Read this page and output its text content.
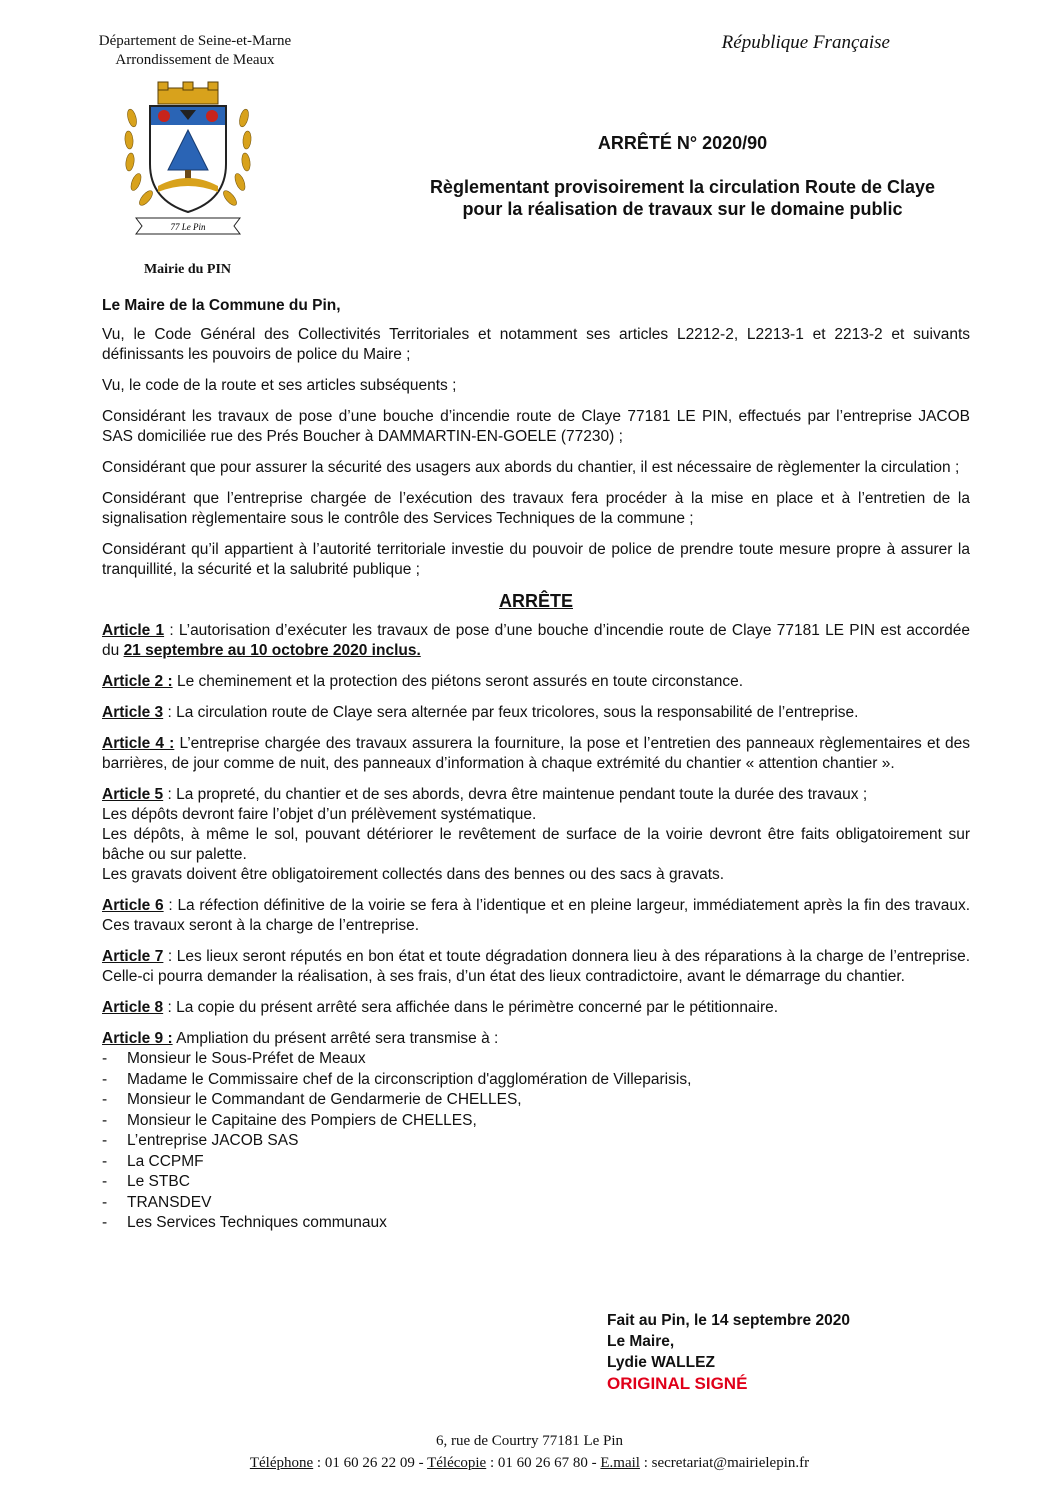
Département de Seine-et-Marne
Arrondissement de Meaux
République Française
77 Le Pin
Mairie du PIN
ARRÊTÉ N° 2020/90
Règlementant provisoirement la circulation Route de Claye
pour la réalisation de travaux sur le domaine public

Le Maire de la Commune du Pin,

Vu, le Code Général des Collectivités Territoriales et notamment ses articles L2212-2, L2213-1 et 2213-2 et suivants définissants les pouvoirs de police du Maire ;

Vu, le code de la route et ses articles subséquents ;

Considérant les travaux de pose d’une bouche d’incendie route de Claye 77181 LE PIN, effectués par l’entreprise JACOB SAS domiciliée rue des Prés Boucher à DAMMARTIN-EN-GOELE (77230) ;

Considérant que pour assurer la sécurité des usagers aux abords du chantier, il est nécessaire de règlementer la circulation ;

Considérant que l’entreprise chargée de l’exécution des travaux fera procéder à la mise en place et à l’entretien de la signalisation règlementaire sous le contrôle des Services Techniques de la commune ;

Considérant qu’il appartient à l’autorité territoriale investie du pouvoir de police de prendre toute mesure propre à assurer la tranquillité, la sécurité et la salubrité publique ;

ARRÊTE

Article 1 : L’autorisation d’exécuter les travaux de pose d’une bouche d’incendie route de Claye 77181 LE PIN est accordée du 21 septembre au 10 octobre 2020 inclus.

Article 2 : Le cheminement et la protection des piétons seront assurés en toute circonstance.

Article 3 : La circulation route de Claye sera alternée par feux tricolores, sous la responsabilité de l’entreprise.

Article 4 : L’entreprise chargée des travaux assurera la fourniture, la pose et l’entretien des panneaux règlementaires et des barrières, de jour comme de nuit, des panneaux d’information à chaque extrémité du chantier « attention chantier ».

Article 5 : La propreté, du chantier et de ses abords, devra être maintenue pendant toute la durée des travaux ;

Les dépôts devront faire l’objet d’un prélèvement systématique.

Les dépôts, à même le sol, pouvant détériorer le revêtement de surface de la voirie devront être faits obligatoirement sur bâche ou sur palette.

Les gravats doivent être obligatoirement collectés dans des bennes ou des sacs à gravats.

Article 6 : La réfection définitive de la voirie se fera à l’identique et en pleine largeur, immédiatement après la fin des travaux. Ces travaux seront à la charge de l’entreprise.

Article 7 : Les lieux seront réputés en bon état et toute dégradation donnera lieu à des réparations à la charge de l’entreprise. Celle-ci pourra demander la réalisation, à ses frais, d’un état des lieux contradictoire, avant le démarrage du chantier.

Article 8 : La copie du présent arrêté sera affichée dans le périmètre concerné par le pétitionnaire.

Article 9 : Ampliation du présent arrêté sera transmise à :

- Monsieur le Sous-Préfet de Meaux
- Madame le Commissaire chef de la circonscription d'agglomération de Villeparisis,
- Monsieur le Commandant de Gendarmerie de CHELLES,
- Monsieur le Capitaine des Pompiers de CHELLES,
- L’entreprise JACOB SAS
- La CCPMF
- Le STBC
- TRANSDEV
- Les Services Techniques communaux
Fait au Pin, le 14 septembre 2020
Le Maire,
Lydie WALLEZ
ORIGINAL SIGNÉ
6, rue de Courtry 77181 Le Pin
Téléphone : 01 60 26 22 09 - Télécopie : 01 60 26 67 80 - E.mail : secretariat@mairielepin.fr
